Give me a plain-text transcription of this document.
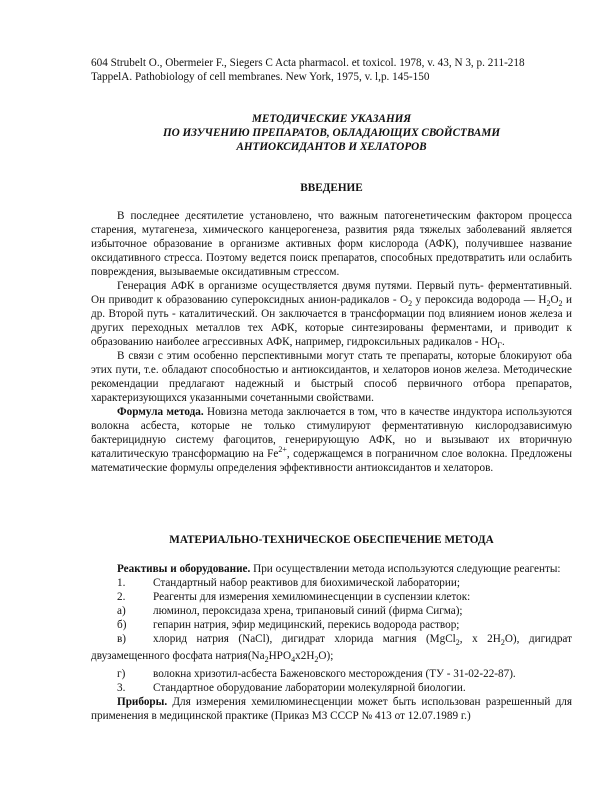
604 Strubelt O., Obermeier F., Siegers C Acta pharmacol. et toxicol. 1978, v. 43, N 3, p. 211-218

TappelA. Pathobiology of cell membranes. New York, 1975, v. l,p. 145-150

МЕТОДИЧЕСКИЕ УКАЗАНИЯ
ПО ИЗУЧЕНИЮ ПРЕПАРАТОВ, ОБЛАДАЮЩИХ СВОЙСТВАМИ
АНТИОКСИДАНТОВ И ХЕЛАТОРОВ
ВВЕДЕНИЕ

В последнее десятилетие установлено, что важным патогенетическим фактором процесса старения, мутагенеза, химического канцерогенеза, развития ряда тяжелых заболеваний является избыточное образование в организме активных форм кислорода (АФК), получившее название оксидативного стресса. Поэтому ведется поиск препаратов, способных предотвратить или ослабить повреждения, вызываемые оксидативным стрессом.

Генерация АФК в организме осуществляется двумя путями. Первый путь- ферментативный. Он приводит к образованию супероксидных анион-радикалов - $О_2$ у пероксида водорода — $Н_2О_2$ и др. Второй путь - каталитический. Он заключается в трансформации под влиянием ионов железа и других переходных металлов тех АФК, которые синтезированы ферментами, и приводит к образованию наиболее агрессивных АФК, например, гидроксильных радикалов - $НО_Г$.

В связи с этим особенно перспективными могут стать те препараты, которые блокируют оба этих пути, т.е. обладают способностью и антиоксидантов, и хелаторов ионов железа. Методические рекомендации предлагают надежный и быстрый способ первичного отбора препаратов, характеризующихся указанными сочетанными свойствами.

Формула метода. Новизна метода заключается в том, что в качестве индуктора используются волокна асбеста, которые не только стимулируют ферментативную кислородзависимую бактерицидную систему фагоцитов, генерирующую АФК, но и вызывают их вторичную каталитическую трансформацию на $Fe^{2+}$, содержащемся в пограничном слое волокна. Предложены математические формулы определения эффективности антиоксидантов и хелаторов.

МАТЕРИАЛЬНО-ТЕХНИЧЕСКОЕ ОБЕСПЕЧЕНИЕ МЕТОДА

Реактивы и оборудование. При осуществлении метода используются следующие реагенты:

1.	Стандартный набор реактивов для биохимической лаборатории;
2.	Реагенты для измерения хемилюминесценции в суспензии клеток:
а)	люминол, пероксидаза хрена, трипановый синий (фирма Сигма);
б)	гепарин натрия, эфир медицинский, перекись водорода раствор;
в)	хлорид натрия (NaCl), дигидрат хлорида магния (MgCl$_2$, х $2Н_2О$), дигидрат

двузамещенного фосфата $натрия(Na_2НРО_4х2Н_2О)$;

г)	волокна хризотил-асбеста Баженовского месторождения (ТУ - 31-02-22-87).
3.	Стандартное оборудование лаборатории молекулярной биологии.

Приборы. Для измерения хемилюминесценции может быть использован разрешенный для применения в медицинской практике (Приказ МЗ СССР № 413 от 12.07.1989 г.)
